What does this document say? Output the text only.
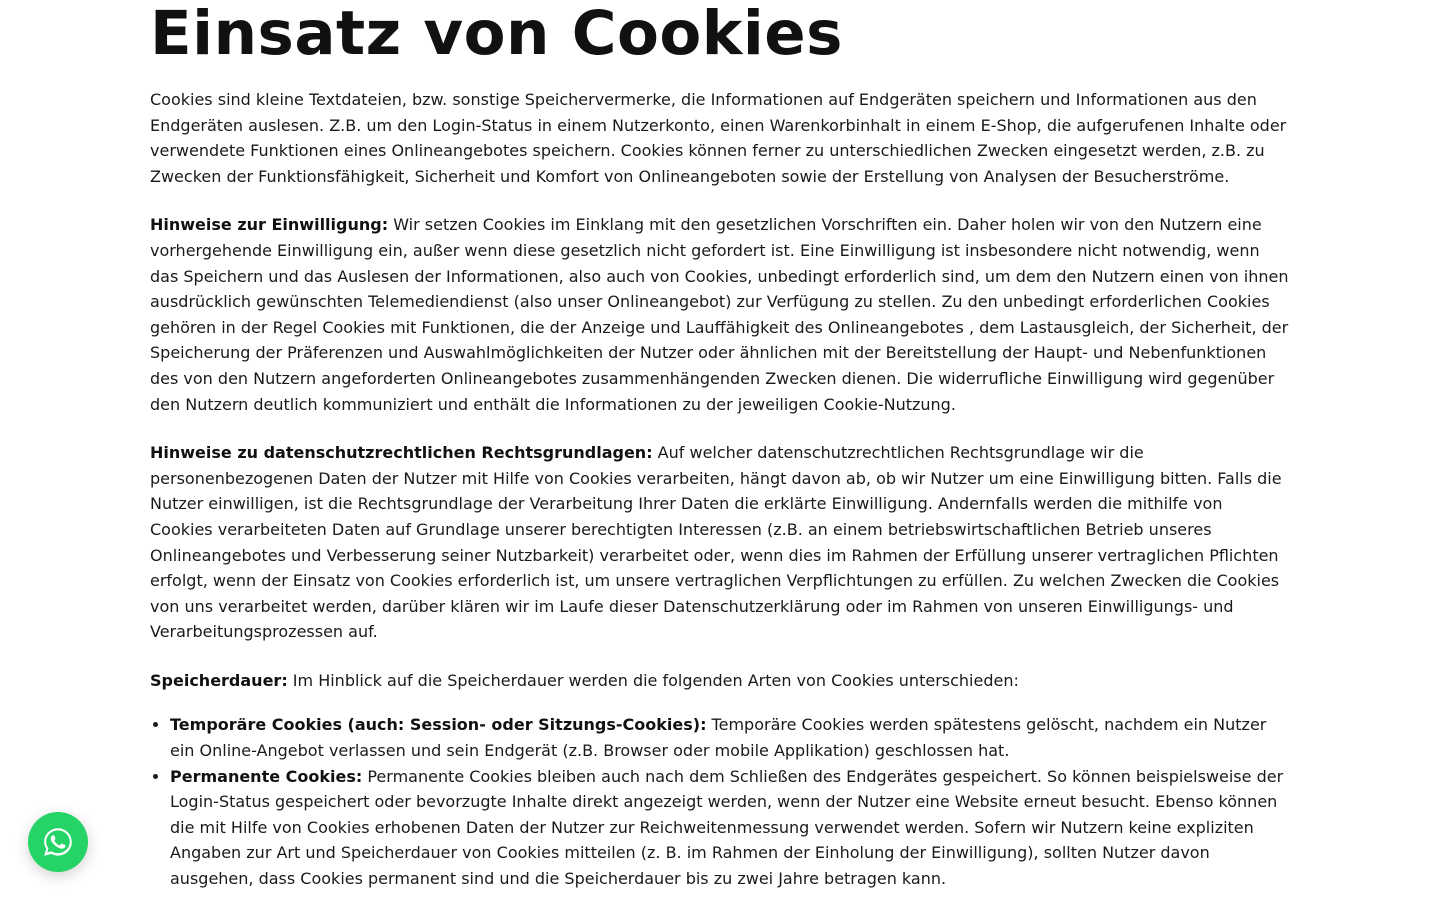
Einsatz von Cookies

Cookies sind kleine Textdateien, bzw. sonstige Speichervermerke, die Informationen auf Endgeräten speichern und Informationen aus den Endgeräten auslesen. Z.B. um den Login-Status in einem Nutzerkonto, einen Warenkorbinhalt in einem E-Shop, die aufgerufenen Inhalte oder verwendete Funktionen eines Onlineangebotes speichern. Cookies können ferner zu unterschiedlichen Zwecken eingesetzt werden, z.B. zu Zwecken der Funktionsfähigkeit, Sicherheit und Komfort von Onlineangeboten sowie der Erstellung von Analysen der Besucherströme.

Hinweise zur Einwilligung: Wir setzen Cookies im Einklang mit den gesetzlichen Vorschriften ein. Daher holen wir von den Nutzern eine vorhergehende Einwilligung ein, außer wenn diese gesetzlich nicht gefordert ist. Eine Einwilligung ist insbesondere nicht notwendig, wenn das Speichern und das Auslesen der Informationen, also auch von Cookies, unbedingt erforderlich sind, um dem den Nutzern einen von ihnen ausdrücklich gewünschten Telemediendienst (also unser Onlineangebot) zur Verfügung zu stellen. Zu den unbedingt erforderlichen Cookies gehören in der Regel Cookies mit Funktionen, die der Anzeige und Lauffähigkeit des Onlineangebotes , dem Lastausgleich, der Sicherheit, der Speicherung der Präferenzen und Auswahlmöglichkeiten der Nutzer oder ähnlichen mit der Bereitstellung der Haupt- und Nebenfunktionen des von den Nutzern angeforderten Onlineangebotes zusammenhängenden Zwecken dienen. Die widerrufliche Einwilligung wird gegenüber den Nutzern deutlich kommuniziert und enthält die Informationen zu der jeweiligen Cookie-Nutzung.

Hinweise zu datenschutzrechtlichen Rechtsgrundlagen: Auf welcher datenschutzrechtlichen Rechtsgrundlage wir die personenbezogenen Daten der Nutzer mit Hilfe von Cookies verarbeiten, hängt davon ab, ob wir Nutzer um eine Einwilligung bitten. Falls die Nutzer einwilligen, ist die Rechtsgrundlage der Verarbeitung Ihrer Daten die erklärte Einwilligung. Andernfalls werden die mithilfe von Cookies verarbeiteten Daten auf Grundlage unserer berechtigten Interessen (z.B. an einem betriebswirtschaftlichen Betrieb unseres Onlineangebotes und Verbesserung seiner Nutzbarkeit) verarbeitet oder, wenn dies im Rahmen der Erfüllung unserer vertraglichen Pflichten erfolgt, wenn der Einsatz von Cookies erforderlich ist, um unsere vertraglichen Verpflichtungen zu erfüllen. Zu welchen Zwecken die Cookies von uns verarbeitet werden, darüber klären wir im Laufe dieser Datenschutzerklärung oder im Rahmen von unseren Einwilligungs- und Verarbeitungsprozessen auf.

Speicherdauer: Im Hinblick auf die Speicherdauer werden die folgenden Arten von Cookies unterschieden:

• Temporäre Cookies (auch: Session- oder Sitzungs-Cookies): Temporäre Cookies werden spätestens gelöscht, nachdem ein Nutzer ein Online-Angebot verlassen und sein Endgerät (z.B. Browser oder mobile Applikation) geschlossen hat.
• Permanente Cookies: Permanente Cookies bleiben auch nach dem Schließen des Endgerätes gespeichert. So können beispielsweise der Login-Status gespeichert oder bevorzugte Inhalte direkt angezeigt werden, wenn der Nutzer eine Website erneut besucht. Ebenso können die mit Hilfe von Cookies erhobenen Daten der Nutzer zur Reichweitenmessung verwendet werden. Sofern wir Nutzern keine expliziten Angaben zur Art und Speicherdauer von Cookies mitteilen (z. B. im Rahmen der Einholung der Einwilligung), sollten Nutzer davon ausgehen, dass Cookies permanent sind und die Speicherdauer bis zu zwei Jahre betragen kann.
